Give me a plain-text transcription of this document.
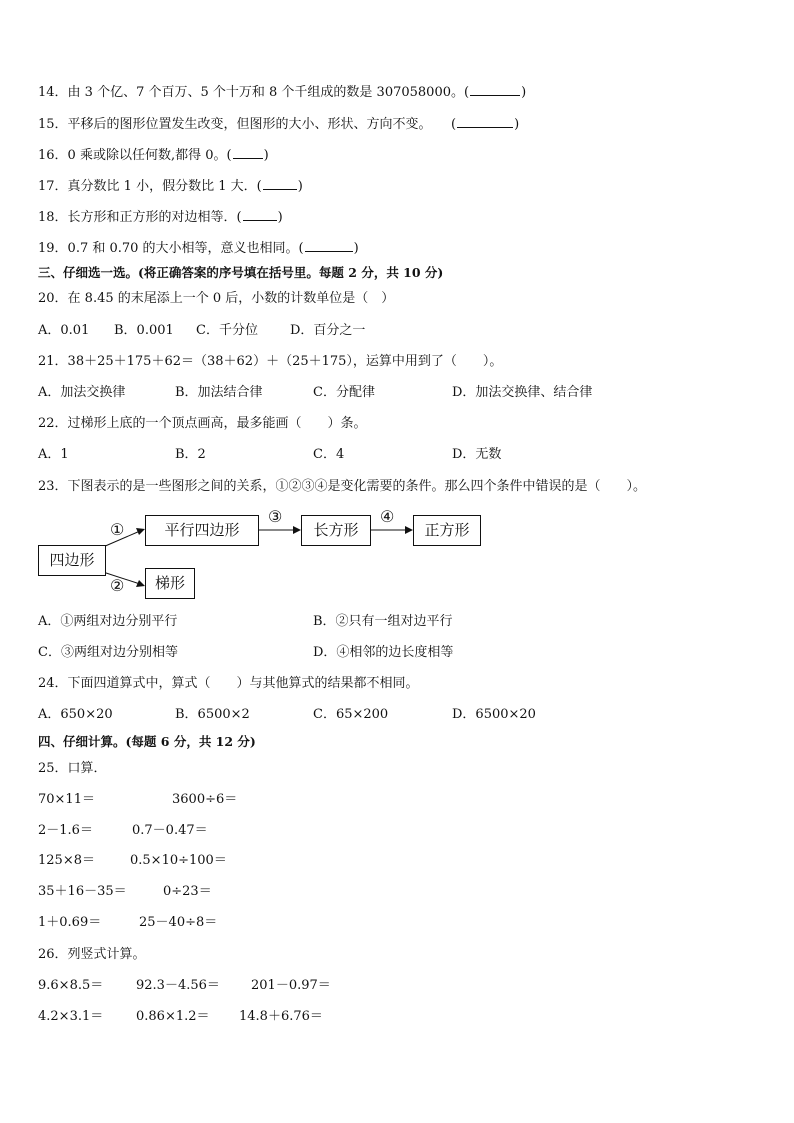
14．由 3 个亿、7 个百万、5 个十万和 8 个千组成的数是 307058000。(	)
15．平移后的图形位置发生改变，但图形的大小、形状、方向不变。　　(	)
16．0 乘或除以任何数,都得 0。( )
17．真分数比 1 小，假分数比 1 大．(	)
18．长方形和正方形的对边相等．(	)
19．0.7 和 0.70 的大小相等，意义也相同。(	)
三、仔细选一选。(将正确答案的序号填在括号里。每题 2 分，共 10 分)
20．在 8.45 的末尾添上一个 0 后，小数的计数单位是（　）
A．0.01 B．0.001 C．千分位 D．百分之一
21．38＋25＋175＋62＝（38＋62）＋（25＋175），运算中用到了（　　）。
A．加法交换律	B．加法结合律	C．分配律	D．加法交换律、结合律
22．过梯形上底的一个顶点画高，最多能画（　　）条。
A．1	B．2	C．4	D．无数
23．下图表示的是一些图形之间的关系，①②③④是变化需要的条件。那么四个条件中错误的是（　　）。
四边形
平行四边形	长方形	正方形
梯形
①
②
③	④
A．①两组对边分别平行	B．②只有一组对边平行
C．③两组对边分别相等	D．④相邻的边长度相等
24．下面四道算式中，算式（　　）与其他算式的结果都不相同。
A．650×20	B．6500×2	C．65×200	D．6500×20
四、仔细计算。(每题 6 分，共 12 分)
25．口算．
70×11＝	3600÷6＝
2－1.6＝	0.7－0.47＝
125×8＝	0.5×10÷100＝
35＋16－35＝	0÷23＝
1＋0.69＝	25－40÷8＝
26．列竖式计算。
9.6×8.5＝	92.3－4.56＝ 201－0.97＝
4.2×3.1＝	0.86×1.2＝ 14.8＋6.76＝
